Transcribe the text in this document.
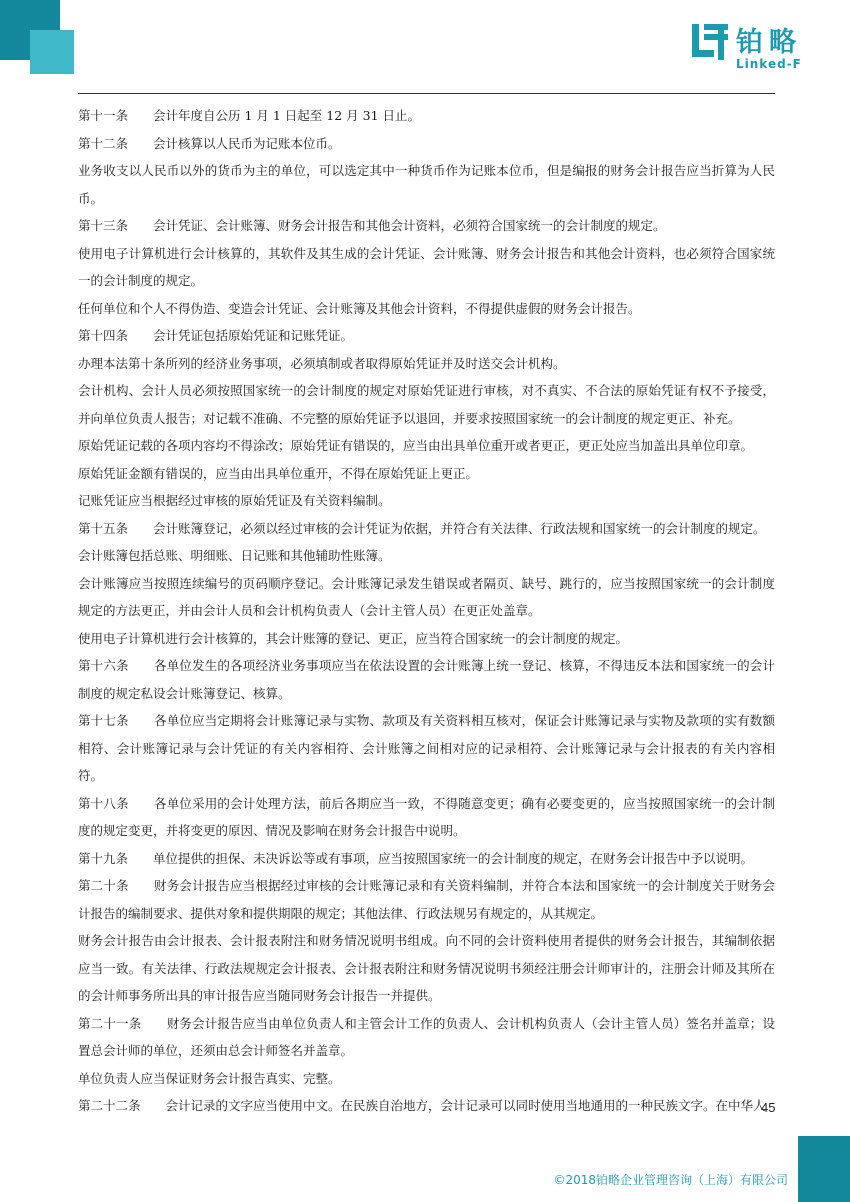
铂略
Linked-F

第十一条　　会计年度自公历 1 月 1 日起至 12 月 31 日止。

第十二条　　会计核算以人民币为记账本位币。

业务收支以人民币以外的货币为主的单位，可以选定其中一种货币作为记账本位币，但是编报的财务会计报告应当折算为人民币。

第十三条　　会计凭证、会计账簿、财务会计报告和其他会计资料，必须符合国家统一的会计制度的规定。

使用电子计算机进行会计核算的，其软件及其生成的会计凭证、会计账簿、财务会计报告和其他会计资料，也必须符合国家统一的会计制度的规定。

任何单位和个人不得伪造、变造会计凭证、会计账簿及其他会计资料，不得提供虚假的财务会计报告。

第十四条　　会计凭证包括原始凭证和记账凭证。

办理本法第十条所列的经济业务事项，必须填制或者取得原始凭证并及时送交会计机构。

会计机构、会计人员必须按照国家统一的会计制度的规定对原始凭证进行审核，对不真实、不合法的原始凭证有权不予接受，并向单位负责人报告；对记载不准确、不完整的原始凭证予以退回，并要求按照国家统一的会计制度的规定更正、补充。

原始凭证记载的各项内容均不得涂改；原始凭证有错误的，应当由出具单位重开或者更正，更正处应当加盖出具单位印章。

原始凭证金额有错误的，应当由出具单位重开，不得在原始凭证上更正。

记账凭证应当根据经过审核的原始凭证及有关资料编制。

第十五条　　会计账簿登记，必须以经过审核的会计凭证为依据，并符合有关法律、行政法规和国家统一的会计制度的规定。

会计账簿包括总账、明细账、日记账和其他辅助性账簿。

会计账簿应当按照连续编号的页码顺序登记。会计账簿记录发生错误或者隔页、缺号、跳行的，应当按照国家统一的会计制度规定的方法更正，并由会计人员和会计机构负责人（会计主管人员）在更正处盖章。

使用电子计算机进行会计核算的，其会计账簿的登记、更正，应当符合国家统一的会计制度的规定。

第十六条　　各单位发生的各项经济业务事项应当在依法设置的会计账簿上统一登记、核算，不得违反本法和国家统一的会计制度的规定私设会计账簿登记、核算。

第十七条　　各单位应当定期将会计账簿记录与实物、款项及有关资料相互核对，保证会计账簿记录与实物及款项的实有数额相符、会计账簿记录与会计凭证的有关内容相符、会计账簿之间相对应的记录相符、会计账簿记录与会计报表的有关内容相符。

第十八条　　各单位采用的会计处理方法，前后各期应当一致，不得随意变更；确有必要变更的，应当按照国家统一的会计制度的规定变更，并将变更的原因、情况及影响在财务会计报告中说明。

第十九条　　单位提供的担保、未决诉讼等或有事项，应当按照国家统一的会计制度的规定，在财务会计报告中予以说明。

第二十条　　财务会计报告应当根据经过审核的会计账簿记录和有关资料编制，并符合本法和国家统一的会计制度关于财务会计报告的编制要求、提供对象和提供期限的规定；其他法律、行政法规另有规定的，从其规定。

财务会计报告由会计报表、会计报表附注和财务情况说明书组成。向不同的会计资料使用者提供的财务会计报告，其编制依据应当一致。有关法律、行政法规规定会计报表、会计报表附注和财务情况说明书须经注册会计师审计的，注册会计师及其所在的会计师事务所出具的审计报告应当随同财务会计报告一并提供。

第二十一条　　财务会计报告应当由单位负责人和主管会计工作的负责人、会计机构负责人（会计主管人员）签名并盖章；设置总会计师的单位，还须由总会计师签名并盖章。

单位负责人应当保证财务会计报告真实、完整。

第二十二条　　会计记录的文字应当使用中文。在民族自治地方，会计记录可以同时使用当地通用的一种民族文字。在中华人

45
©2018铂略企业管理咨询（上海）有限公司
